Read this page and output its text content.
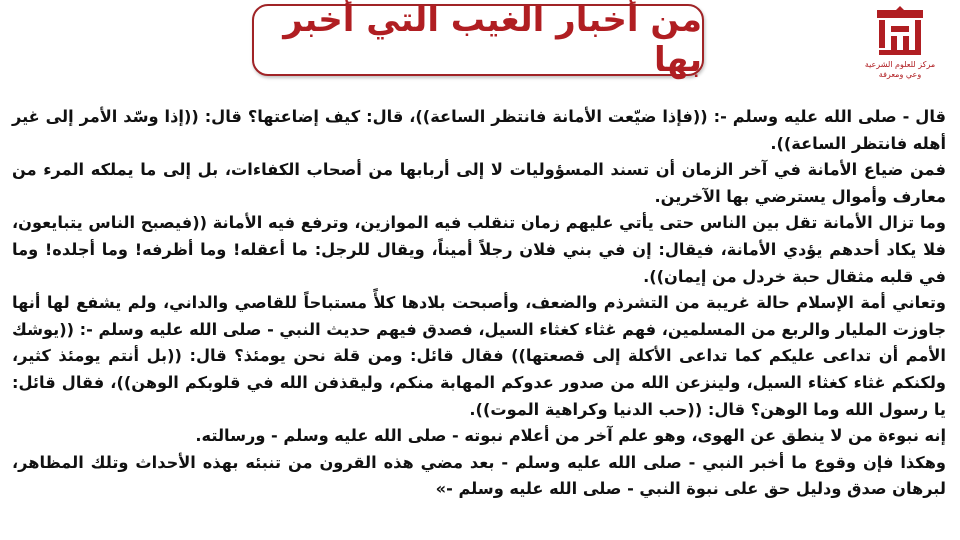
من أخبار الغيب التي أخبر بها	مركز للعلوم الشرعية
وعي ومعرفة

قال - صلى الله عليه وسلم -: ((فإذا ضيّعت الأمانة فانتظر الساعة))، قال: كيف إضاعتها؟ قال: ((إذا وسّد الأمر إلى غير أهله فانتظر الساعة)).

فمن ضياع الأمانة في آخر الزمان أن تسند المسؤوليات لا إلى أربابها من أصحاب الكفاءات، بل إلى ما يملكه المرء من معارف وأموال يسترضي بها الآخرين.

وما تزال الأمانة تقل بين الناس حتى يأتي عليهم زمان تنقلب فيه الموازين، وترفع فيه الأمانة ((فيصبح الناس يتبايعون، فلا يكاد أحدهم يؤدي الأمانة، فيقال: إن في بني فلان رجلاً أميناً، ويقال للرجل: ما أعقله! وما أظرفه! وما أجلده! وما في قلبه مثقال حبة خردل من إيمان)).

وتعاني أمة الإسلام حالة غريبة من التشرذم والضعف، وأصبحت بلادها كلأً مستباحاً للقاصي والداني، ولم يشفع لها أنها جاوزت المليار والربع من المسلمين، فهم غثاء كغثاء السيل، فصدق فيهم حديث النبي - صلى الله عليه وسلم -: ((يوشك الأمم أن تداعى عليكم كما تداعى الأكلة إلى قصعتها)) فقال قائل: ومن قلة نحن يومئذ؟ قال: ((بل أنتم يومئذ كثير، ولكنكم غثاء كغثاء السيل، ولينزعن الله من صدور عدوكم المهابة منكم، وليقذفن الله في قلوبكم الوهن))، فقال قائل: يا رسول الله وما الوهن؟ قال: ((حب الدنيا وكراهية الموت)).

إنه نبوءة من لا ينطق عن الهوى، وهو علم آخر من أعلام نبوته - صلى الله عليه وسلم - ورسالته.

وهكذا فإن وقوع ما أخبر النبي - صلى الله عليه وسلم - بعد مضي هذه القرون من تنبئه بهذه الأحداث وتلك المظاهر، لبرهان صدق ودليل حق على نبوة النبي - صلى الله عليه وسلم -»
